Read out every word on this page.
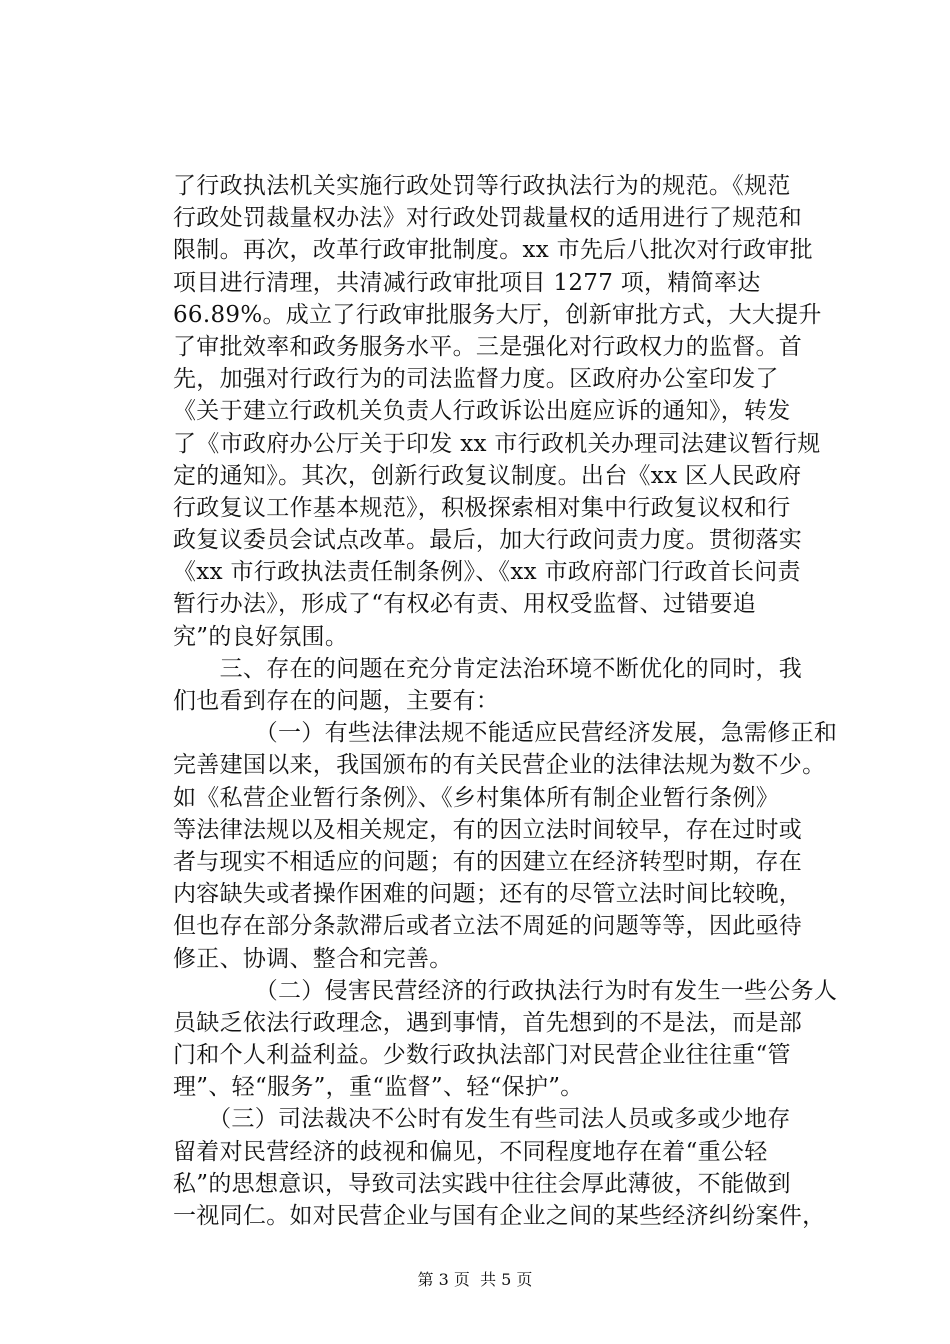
了行政执法机关实施行政处罚等行政执法行为的规范。《规范
行政处罚裁量权办法》对行政处罚裁量权的适用进行了规范和
限制。再次，改革行政审批制度。xx 市先后八批次对行政审批
项目进行清理，共清减行政审批项目 1277 项，精简率达
66.89%。成立了行政审批服务大厅，创新审批方式，大大提升
了审批效率和政务服务水平。三是强化对行政权力的监督。首
先，加强对行政行为的司法监督力度。区政府办公室印发了
《关于建立行政机关负责人行政诉讼出庭应诉的通知》，转发
了《市政府办公厅关于印发 xx 市行政机关办理司法建议暂行规
定的通知》。其次，创新行政复议制度。出台《xx 区人民政府
行政复议工作基本规范》，积极探索相对集中行政复议权和行
政复议委员会试点改革。最后，加大行政问责力度。贯彻落实
《xx 市行政执法责任制条例》、《xx 市政府部门行政首长问责
暂行办法》，形成了“有权必有责、用权受监督、过错要追
究”的良好氛围。
　　三、存在的问题在充分肯定法治环境不断优化的同时，我
们也看到存在的问题，主要有：
　　　　（一）有些法律法规不能适应民营经济发展，急需修正和
完善建国以来，我国颁布的有关民营企业的法律法规为数不少。
如《私营企业暂行条例》、《乡村集体所有制企业暂行条例》
等法律法规以及相关规定，有的因立法时间较早，存在过时或
者与现实不相适应的问题；有的因建立在经济转型时期，存在
内容缺失或者操作困难的问题；还有的尽管立法时间比较晚，
但也存在部分条款滞后或者立法不周延的问题等等，因此亟待
修正、协调、整合和完善。
　　　　（二）侵害民营经济的行政执法行为时有发生一些公务人
员缺乏依法行政理念，遇到事情，首先想到的不是法，而是部
门和个人利益利益。少数行政执法部门对民营企业往往重“管
理”、轻“服务”，重“监督”、轻“保护”。
　　（三）司法裁决不公时有发生有些司法人员或多或少地存
留着对民营经济的歧视和偏见，不同程度地存在着“重公轻
私”的思想意识，导致司法实践中往往会厚此薄彼，不能做到
一视同仁。如对民营企业与国有企业之间的某些经济纠纷案件，
第 3 页  共 5 页
